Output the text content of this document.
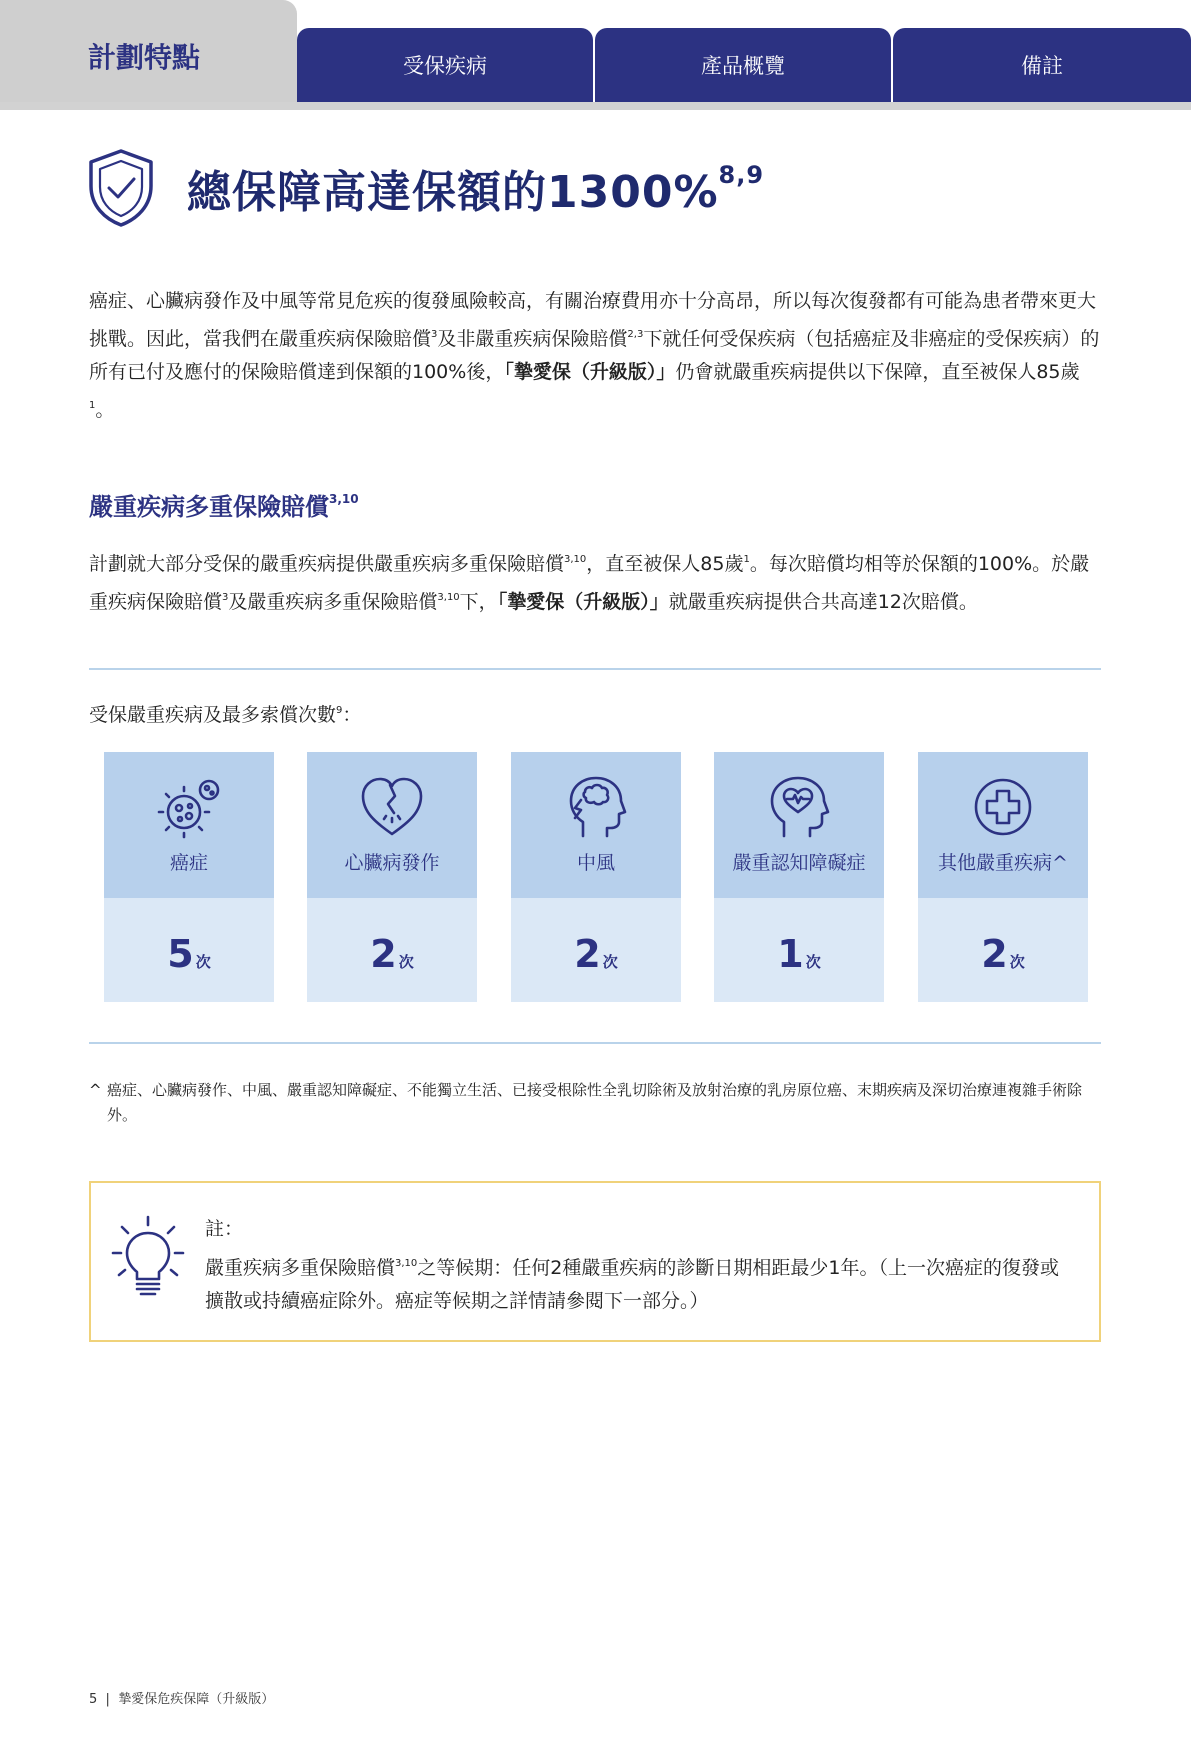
計劃特點	受保疾病	產品概覽	備註
總保障高達保額的1300%$^{8,9}$
癌症、心臟病發作及中風等常見危疾的復發風險較高，有關治療費用亦十分高昂，所以每次復發都有可能為患者帶來更大挑戰。因此，當我們在嚴重疾病保險賠償$^3$及非嚴重疾病保險賠償$^{2,3}$下就任何受保疾病（包括癌症及非癌症的受保疾病）的所有已付及應付的保險賠償達到保額的100%後，「摯愛保（升級版）」仍會就嚴重疾病提供以下保障，直至被保人85歲$^1$。
嚴重疾病多重保險賠償$^{3,10}$
計劃就大部分受保的嚴重疾病提供嚴重疾病多重保險賠償$^{3,10}$，直至被保人85歲$^1$。每次賠償均相等於保額的100%。於嚴重疾病保險賠償$^3$及嚴重疾病多重保險賠償$^{3,10}$下，「摯愛保（升級版）」就嚴重疾病提供合共高達12次賠償。
受保嚴重疾病及最多索償次數$^9$：
癌症
5 次
心臟病發作
2 次
中風
2 次
嚴重認知障礙症
1 次
其他嚴重疾病^
2 次
^ 癌症、心臟病發作、中風、嚴重認知障礙症、不能獨立生活、已接受根除性全乳切除術及放射治療的乳房原位癌、末期疾病及深切治療連複雜手術除外。
註：
嚴重疾病多重保險賠償$^{3,10}$之等候期：任何2種嚴重疾病的診斷日期相距最少1年。（上一次癌症的復發或擴散或持續癌症除外。癌症等候期之詳情請參閱下一部分。）
5 | 摯愛保危疾保障（升級版）
